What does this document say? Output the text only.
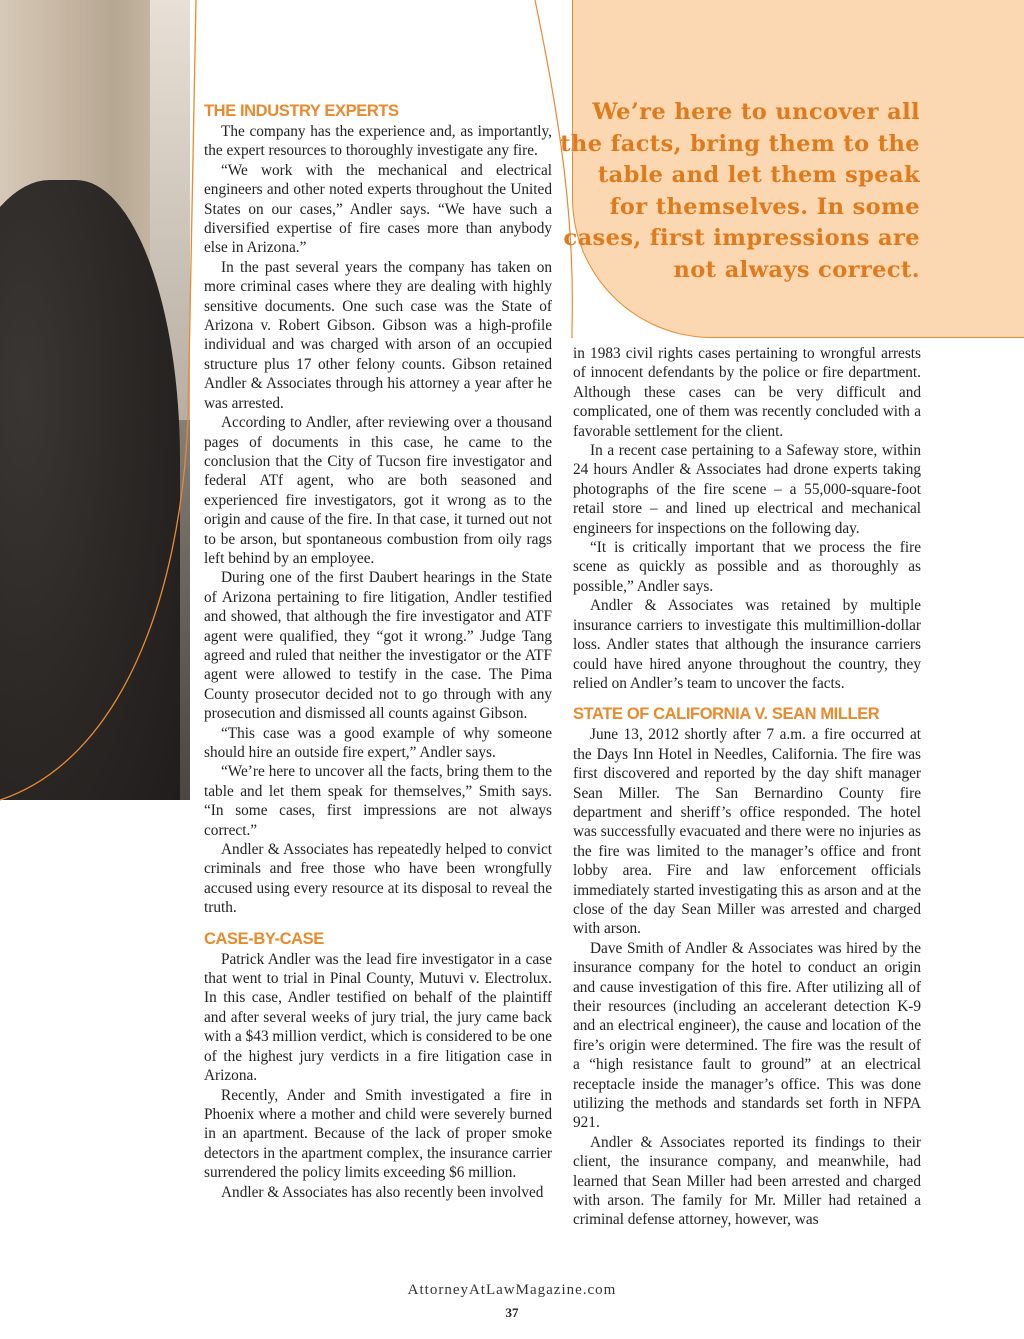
We’re here to uncover all the facts, bring them to the table and let them speak for themselves. In some cases, first impressions are not always correct.
THE INDUSTRY EXPERTS

The company has the experience and, as importantly, the expert resources to thoroughly investigate any fire.

“We work with the mechanical and electrical engineers and other noted experts throughout the United States on our cases,” Andler says. “We have such a diversified expertise of fire cases more than anybody else in Arizona.”

In the past several years the company has taken on more criminal cases where they are dealing with highly sensitive documents. One such case was the State of Arizona v. Robert Gibson. Gibson was a high-profile individual and was charged with arson of an occupied structure plus 17 other felony counts. Gibson retained Andler & Associates through his attorney a year after he was arrested.

According to Andler, after reviewing over a thousand pages of documents in this case, he came to the conclusion that the City of Tucson fire investigator and federal ATf agent, who are both seasoned and experienced fire investigators, got it wrong as to the origin and cause of the fire. In that case, it turned out not to be arson, but spontaneous combustion from oily rags left behind by an employee.

During one of the first Daubert hearings in the State of Arizona pertaining to fire litigation, Andler testified and showed, that although the fire investigator and ATF agent were qualified, they “got it wrong.” Judge Tang agreed and ruled that neither the investigator or the ATF agent were allowed to testify in the case. The Pima County prosecutor decided not to go through with any prosecution and dismissed all counts against Gibson.

“This case was a good example of why someone should hire an outside fire expert,” Andler says.

“We’re here to uncover all the facts, bring them to the table and let them speak for themselves,” Smith says. “In some cases, first impressions are not always correct.”

Andler & Associates has repeatedly helped to convict criminals and free those who have been wrongfully accused using every resource at its disposal to reveal the truth.

CASE-BY-CASE

Patrick Andler was the lead fire investigator in a case that went to trial in Pinal County, Mutuvi v. Electrolux. In this case, Andler testified on behalf of the plaintiff and after several weeks of jury trial, the jury came back with a $43 million verdict, which is considered to be one of the highest jury verdicts in a fire litigation case in Arizona.

Recently, Ander and Smith investigated a fire in Phoenix where a mother and child were severely burned in an apartment. Because of the lack of proper smoke detectors in the apartment complex, the insurance carrier surrendered the policy limits exceeding $6 million.

Andler & Associates has also recently been involved

in 1983 civil rights cases pertaining to wrongful arrests of innocent defendants by the police or fire department. Although these cases can be very difficult and complicated, one of them was recently concluded with a favorable settlement for the client.

In a recent case pertaining to a Safeway store, within 24 hours Andler & Associates had drone experts taking photographs of the fire scene – a 55,000-square-foot retail store – and lined up electrical and mechanical engineers for inspections on the following day.

“It is critically important that we process the fire scene as quickly as possible and as thoroughly as possible,” Andler says.

Andler & Associates was retained by multiple insurance carriers to investigate this multimillion-dollar loss. Andler states that although the insurance carriers could have hired anyone throughout the country, they relied on Andler’s team to uncover the facts.

STATE OF CALIFORNIA V. SEAN MILLER

June 13, 2012 shortly after 7 a.m. a fire occurred at the Days Inn Hotel in Needles, California. The fire was first discovered and reported by the day shift manager Sean Miller. The San Bernardino County fire department and sheriff’s office responded. The hotel was successfully evacuated and there were no injuries as the fire was limited to the manager’s office and front lobby area. Fire and law enforcement officials immediately started investigating this as arson and at the close of the day Sean Miller was arrested and charged with arson.

Dave Smith of Andler & Associates was hired by the insurance company for the hotel to conduct an origin and cause investigation of this fire. After utilizing all of their resources (including an accelerant detection K-9 and an electrical engineer), the cause and location of the fire’s origin were determined. The fire was the result of a “high resistance fault to ground” at an electrical receptacle inside the manager’s office. This was done utilizing the methods and standards set forth in NFPA 921.

Andler & Associates reported its findings to their client, the insurance company, and meanwhile, had learned that Sean Miller had been arrested and charged with arson. The family for Mr. Miller had retained a criminal defense attorney, however, was

AttorneyAtLawMagazine.com
37
